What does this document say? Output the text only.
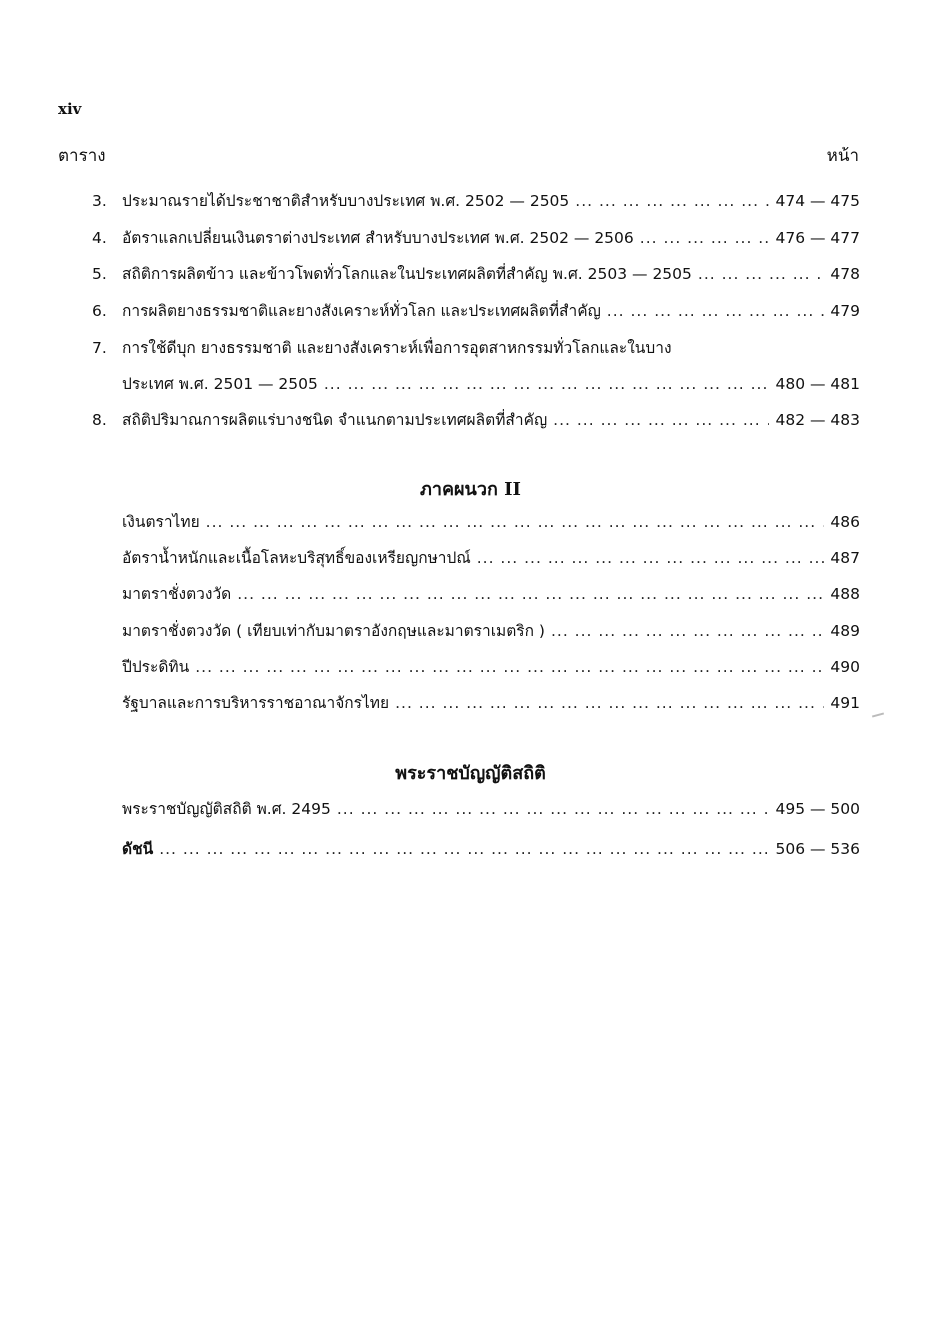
xiv
ตาราง	หน้า
3. ประมาณรายได้ประชาชาติสำหรับบางประเทศ พ.ศ. 2502 — 2505 ... .	474 — 475
4. อัตราแลกเปลี่ยนเงินตราต่างประเทศ สำหรับบางประเทศ พ.ศ. 2502 — 2506 ... .	476 — 477
5. สถิติการผลิตข้าว และข้าวโพดทั่วโลกและในประเทศผลิตที่สำคัญ พ.ศ. 2503 — 2505 ... .	478
6. การผลิตยางธรรมชาติและยางสังเคราะห์ทั่วโลก และประเทศผลิตที่สำคัญ ... .	479
7. การใช้ดีบุก ยางธรรมชาติ และยางสังเคราะห์เพื่อการอุตสาหกรรมทั่วโลกและในบาง
ประเทศ พ.ศ. 2501 — 2505 ... .	480 — 481
8. สถิติปริมาณการผลิตแร่บางชนิด จำแนกตามประเทศผลิตที่สำคัญ ... .	482 — 483
ภาคผนวก II
เงินตราไทย ... .	486
อัตราน้ำหนักและเนื้อโลหะบริสุทธิ์ของเหรียญกษาปณ์ ... .	487
มาตราชั่งตวงวัด ... .	488
มาตราชั่งตวงวัด ( เทียบเท่ากับมาตราอังกฤษและมาตราเมตริก ) ... .	489
ปีประดิทิน ... .	490
รัฐบาลและการบริหารราชอาณาจักรไทย ... .	491
พระราชบัญญัติสถิติ
พระราชบัญญัติสถิติ พ.ศ. 2495 ... .	495 — 500
ดัชนี ... .	506 — 536
